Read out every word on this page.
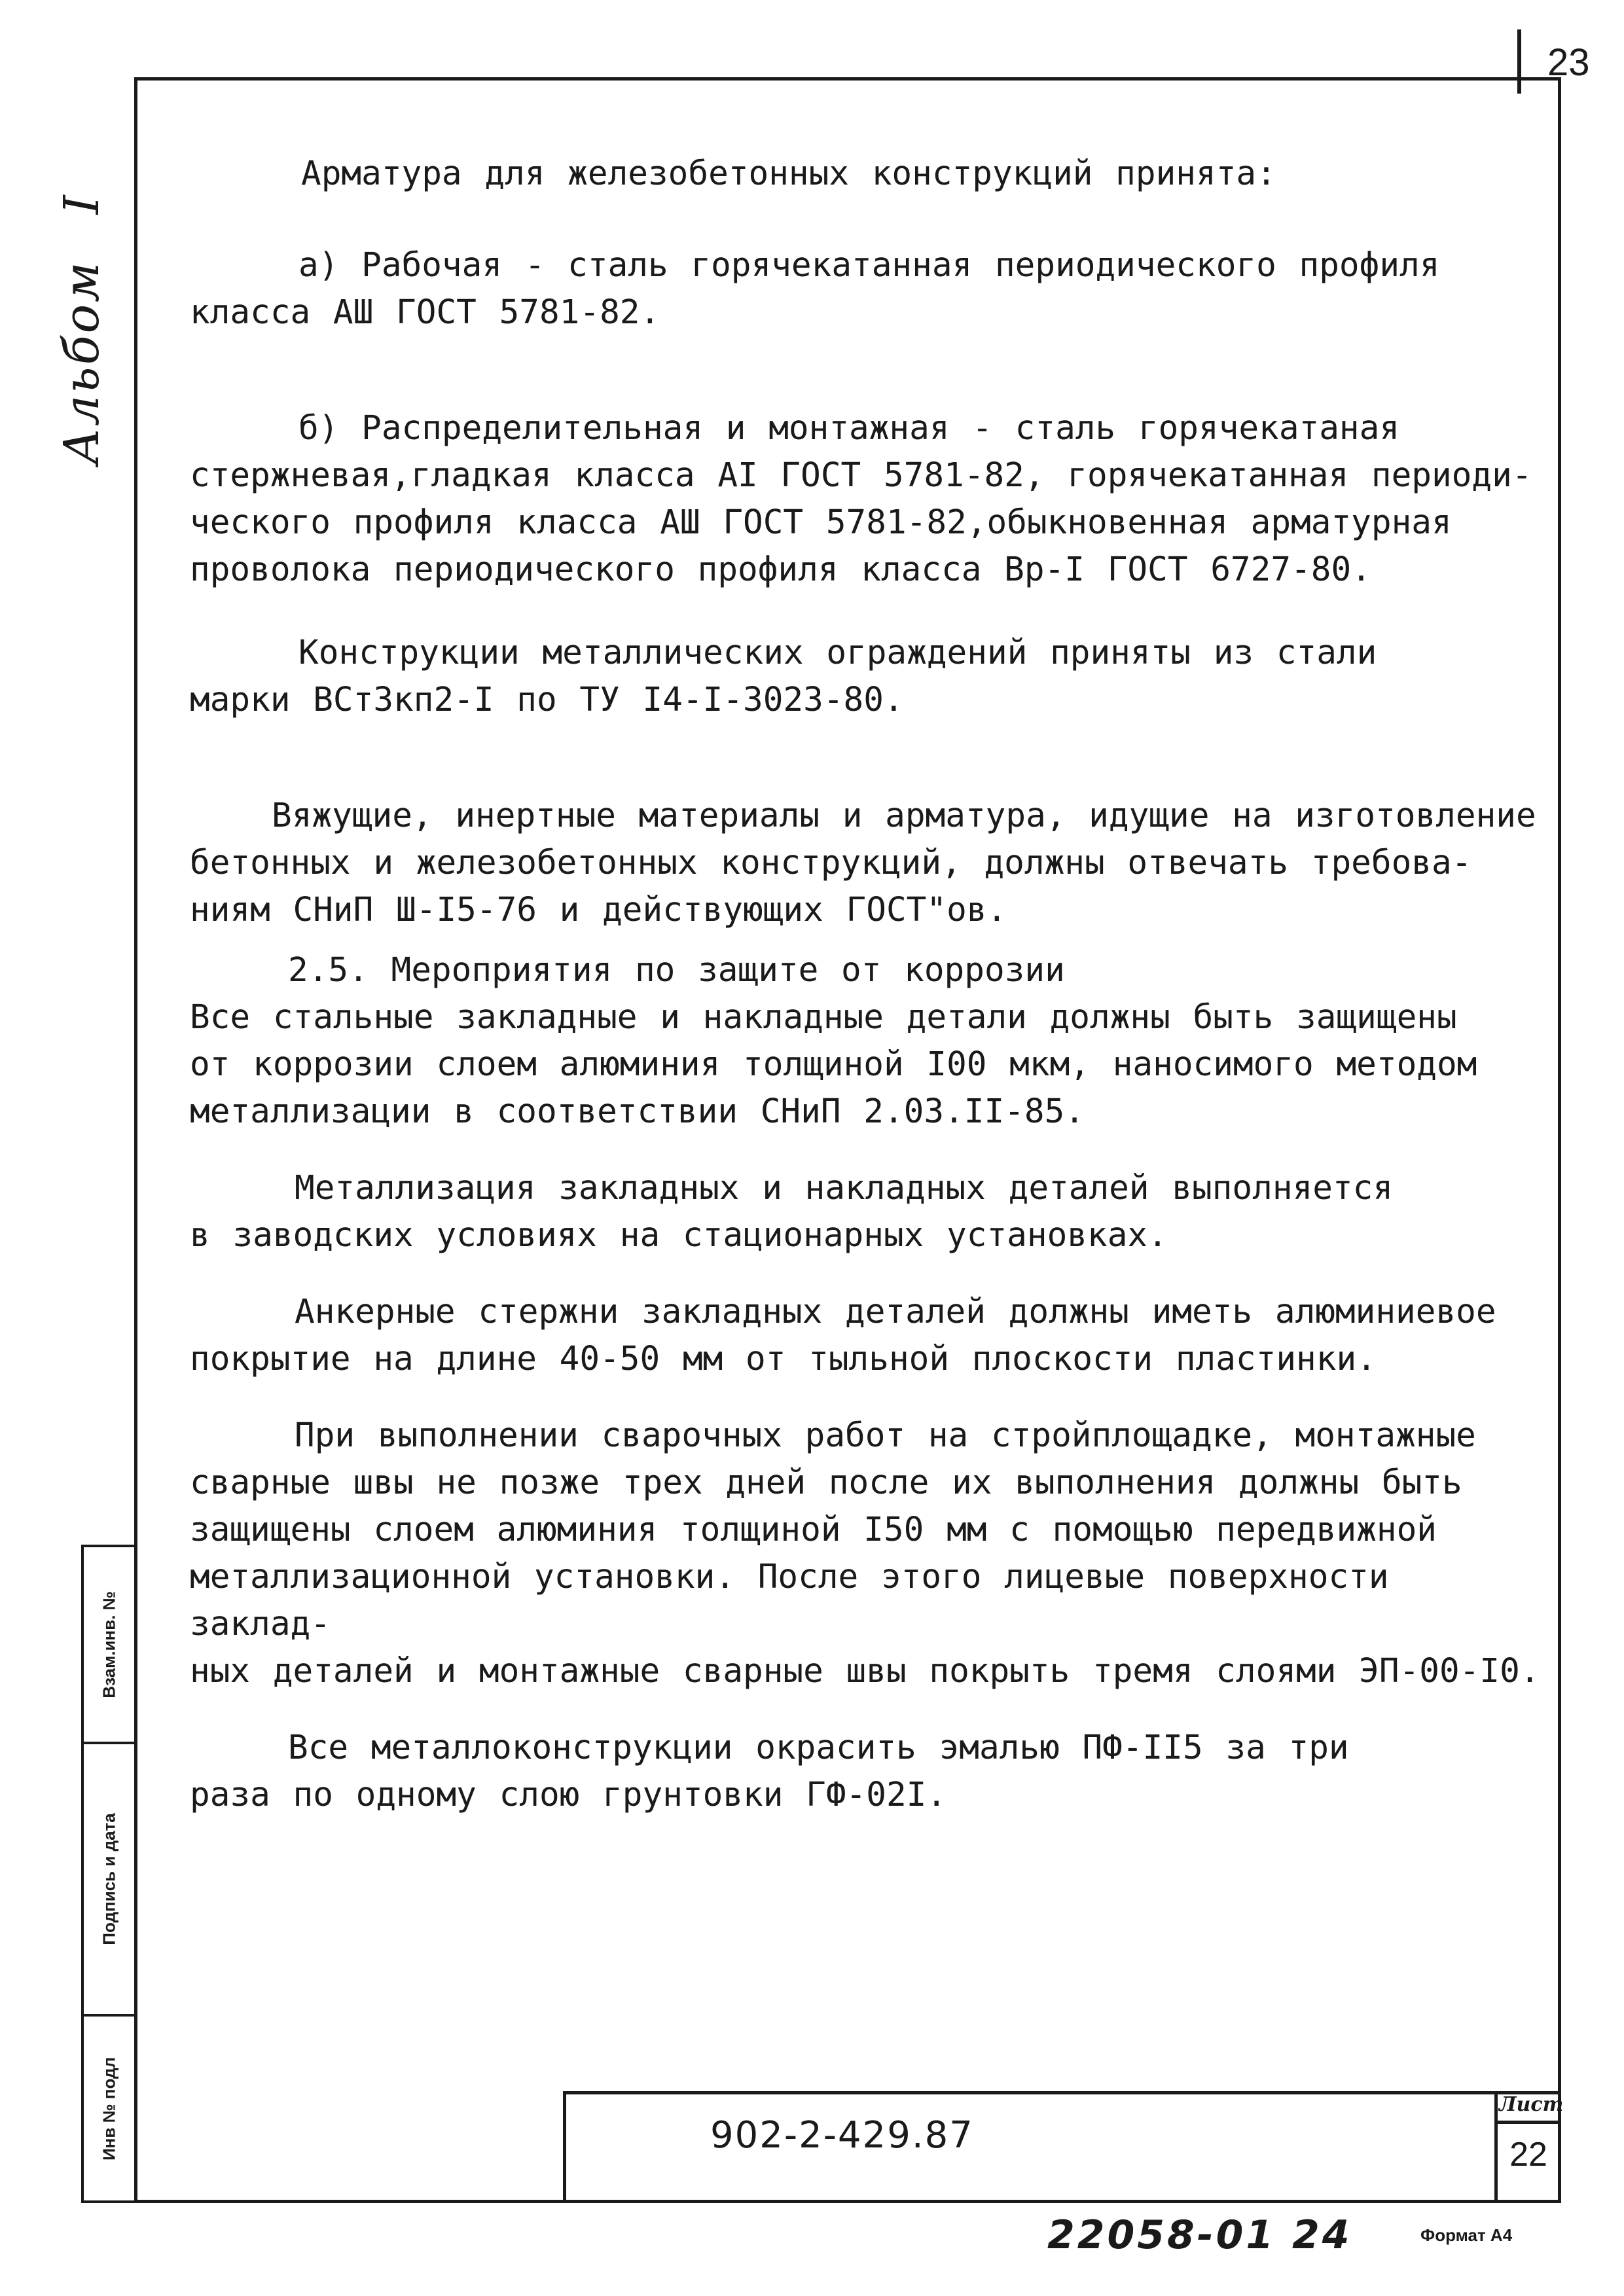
23
АльбомI
Взам.инв. №
Подпись и дата
Инв № подл

Арматура для железобетонных конструкций принята:

а) Рабочая - сталь горячекатанная периодического профиля
класса АШ ГОСТ 5781-82.

б) Распределительная и монтажная - сталь горячекатаная
стержневая,гладкая класса АI ГОСТ 5781-82, горячекатанная периоди-
ческого профиля класса АШ ГОСТ 5781-82,обыкновенная арматурная
проволока периодического профиля класса Вр-I ГОСТ 6727-80.

Конструкции металлических ограждений приняты из стали
марки ВСт3кп2-I по ТУ I4-I-3023-80.

Вяжущие, инертные материалы и арматура, идущие на изготовление
бетонных и железобетонных конструкций, должны отвечать требова-
ниям СНиП Ш-I5-76 и действующих ГОСТ"ов.

2.5. Мероприятия по защите от коррозии
Все стальные закладные и накладные детали должны быть защищены
от коррозии слоем алюминия толщиной I00 мкм, наносимого методом
металлизации в соответствии СНиП 2.03.II-85.

Металлизация закладных и накладных деталей выполняется
в заводских условиях на стационарных установках.

Анкерные стержни закладных деталей должны иметь алюминиевое
покрытие на длине 40-50 мм от тыльной плоскости пластинки.

При выполнении сварочных работ на стройплощадке, монтажные
сварные швы не позже трех дней после их выполнения должны быть
защищены слоем алюминия толщиной I50 мм с помощью передвижной
металлизационной установки. После этого лицевые поверхности заклад-
ных деталей и монтажные сварные швы покрыть тремя слоями ЭП-00-I0.

Все металлоконструкции окрасить эмалью ПФ-II5 за три
раза по одному слою грунтовки ГФ-02I.

902-2-429.87
Лист
22
22058-01 24	Формат А4
